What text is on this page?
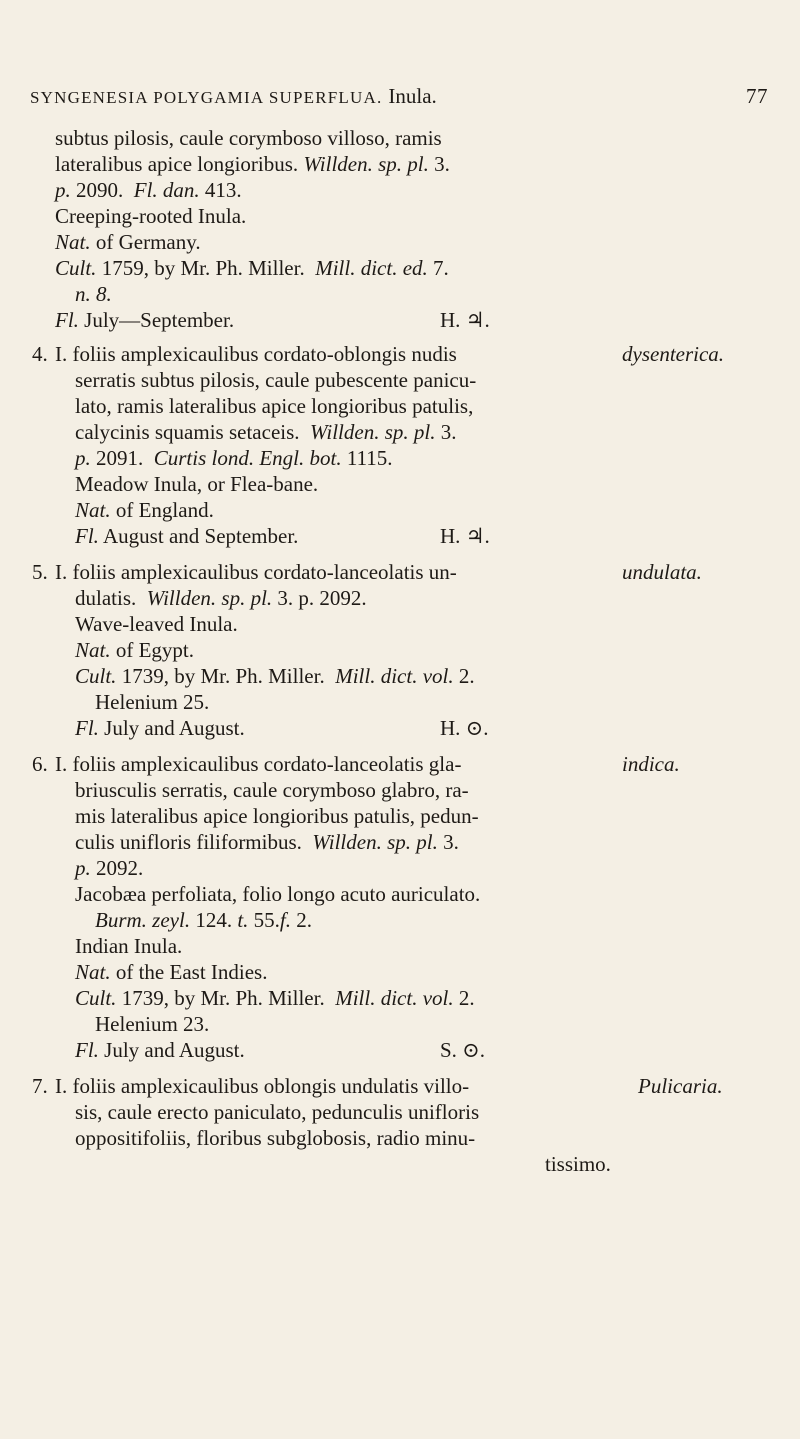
SYNGENESIA POLYGAMIA SUPERFLUA. Inula.	77
subtus pilosis, caule corymboso villoso, ramis
lateralibus apice longioribus. Willden. sp. pl. 3.
p. 2090. Fl. dan. 413.
Creeping-rooted Inula.
Nat. of Germany.
Cult. 1759, by Mr. Ph. Miller. Mill. dict. ed. 7.
n. 8.
Fl. July—September.	H. ♃.
4.	dysenterica.
I. foliis amplexicaulibus cordato-oblongis nudis
serratis subtus pilosis, caule pubescente panicu-
lato, ramis lateralibus apice longioribus patulis,
calycinis squamis setaceis. Willden. sp. pl. 3.
p. 2091. Curtis lond. Engl. bot. 1115.
Meadow Inula, or Flea-bane.
Nat. of England.
Fl. August and September.	H. ♃.
5.	undulata.
I. foliis amplexicaulibus cordato-lanceolatis un-
dulatis. Willden. sp. pl. 3. p. 2092.
Wave-leaved Inula.
Nat. of Egypt.
Cult. 1739, by Mr. Ph. Miller. Mill. dict. vol. 2.
Helenium 25.
Fl. July and August.	H. ⊙.
6.	indica.
I. foliis amplexicaulibus cordato-lanceolatis gla-
briusculis serratis, caule corymboso glabro, ra-
mis lateralibus apice longioribus patulis, pedun-
culis unifloris filiformibus. Willden. sp. pl. 3.
p. 2092.
Jacobæa perfoliata, folio longo acuto auriculato.
Burm. zeyl. 124. t. 55.f. 2.
Indian Inula.
Nat. of the East Indies.
Cult. 1739, by Mr. Ph. Miller. Mill. dict. vol. 2.
Helenium 23.
Fl. July and August.	S. ⊙.
7.	Pulicaria.
I. foliis amplexicaulibus oblongis undulatis villo-
sis, caule erecto paniculato, pedunculis unifloris
oppositifoliis, floribus subglobosis, radio minu-
tissimo.
